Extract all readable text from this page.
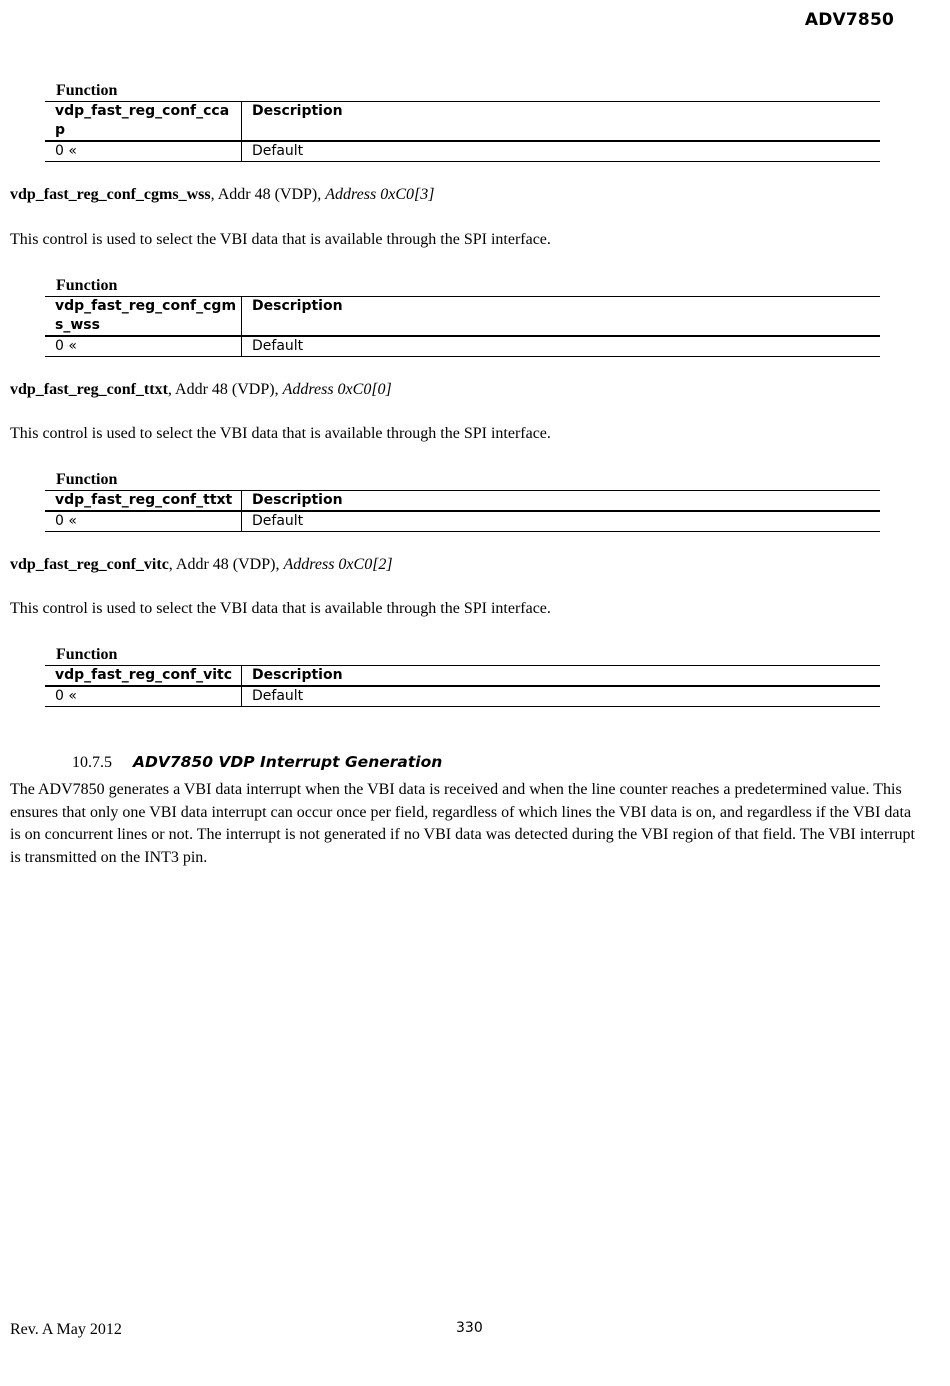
ADV7850
Function
vdp_fast_reg_conf_cca
p	Description
0 «	Default
vdp_fast_reg_conf_cgms_wss, Addr 48 (VDP), Address 0xC0[3]
This control is used to select the VBI data that is available through the SPI interface.
Function
vdp_fast_reg_conf_cgm
s_wss	Description
0 «	Default
vdp_fast_reg_conf_ttxt, Addr 48 (VDP), Address 0xC0[0]
This control is used to select the VBI data that is available through the SPI interface.
Function
vdp_fast_reg_conf_ttxt	Description
0 «	Default
vdp_fast_reg_conf_vitc, Addr 48 (VDP), Address 0xC0[2]
This control is used to select the VBI data that is available through the SPI interface.
Function
vdp_fast_reg_conf_vitc	Description
0 «	Default
10.7.5 ADV7850 VDP Interrupt Generation
The ADV7850 generates a VBI data interrupt when the VBI data is received and when the line counter reaches a predetermined value. This ensures that only one VBI data interrupt can occur once per field, regardless of which lines the VBI data is on, and regardless if the VBI data is on concurrent lines or not. The interrupt is not generated if no VBI data was detected during the VBI region of that field. The VBI interrupt is transmitted on the INT3 pin.
Rev. A May 2012	330
